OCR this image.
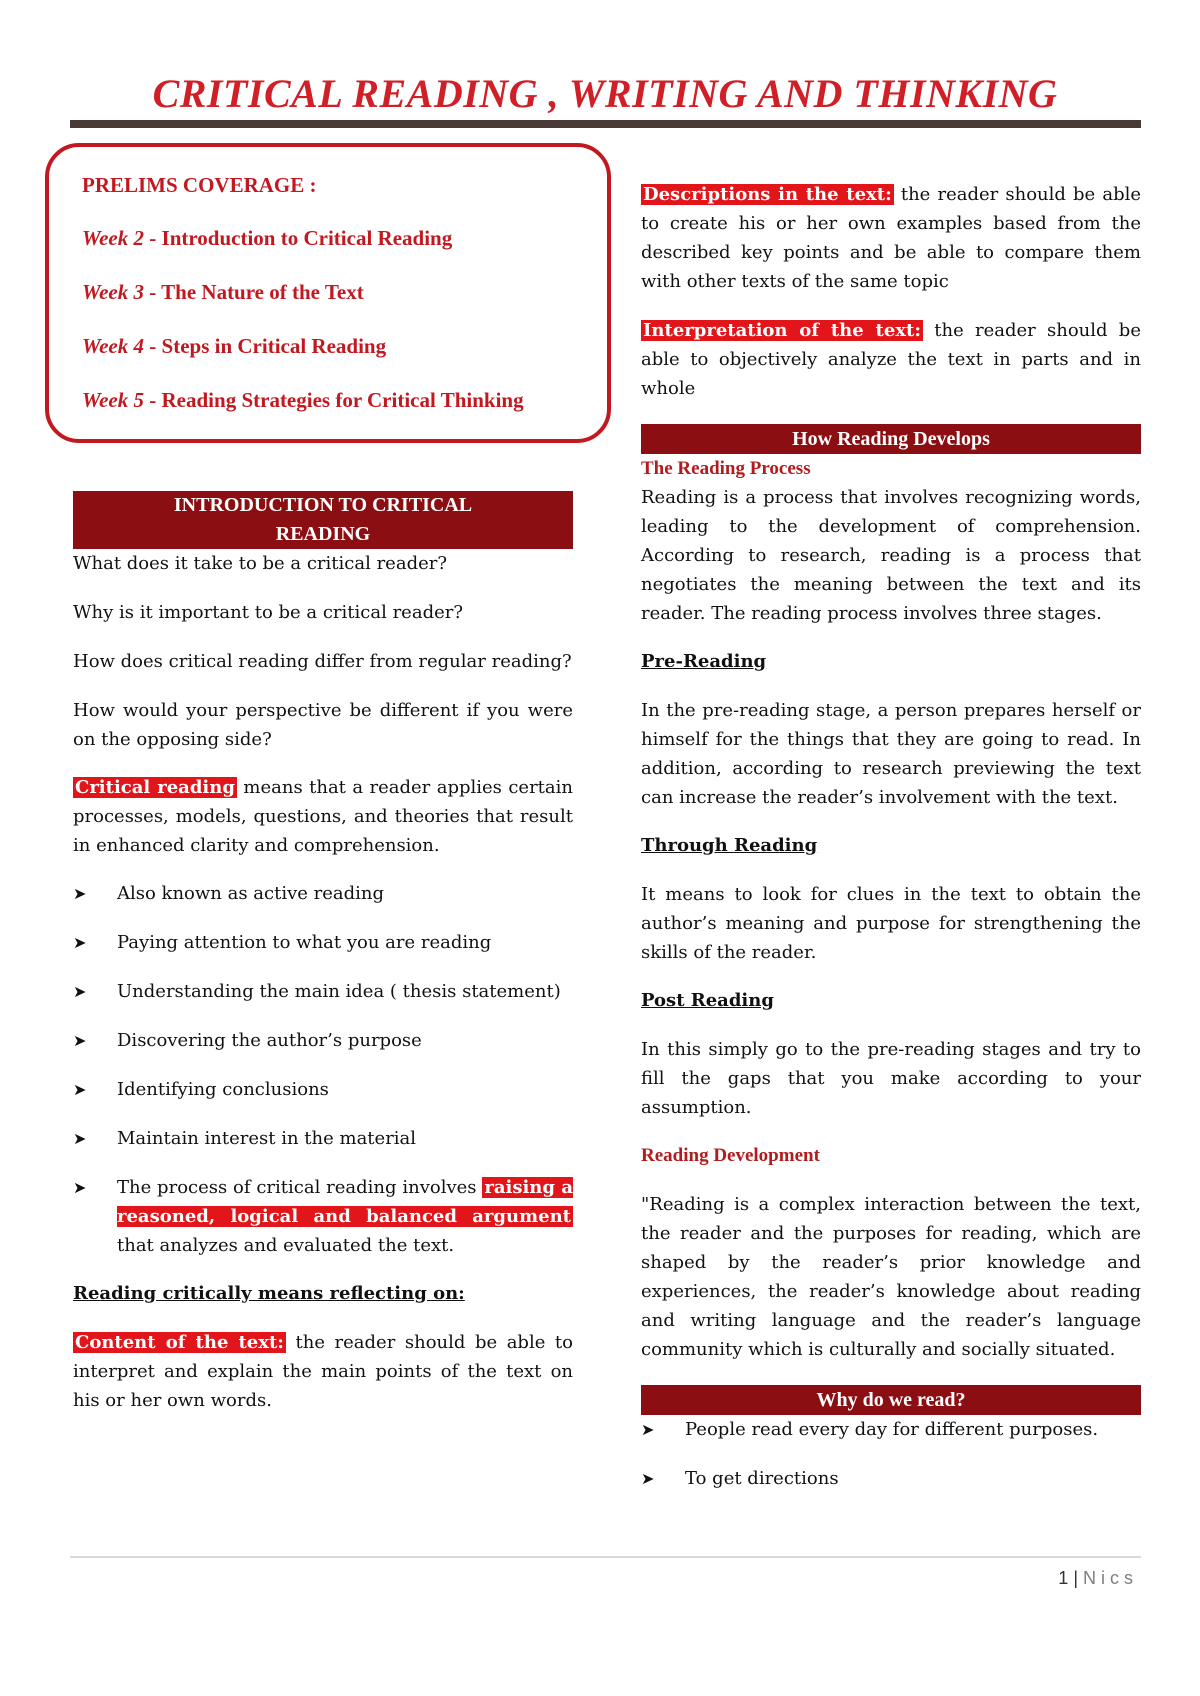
CRITICAL READING , WRITING AND THINKING
PRELIMS COVERAGE :
Week 2 - Introduction to Critical Reading
Week 3 - The Nature of the Text
Week 4 - Steps in Critical Reading
Week 5 - Reading Strategies for Critical Thinking
INTRODUCTION TO CRITICAL READING

What does it take to be a critical reader?

Why is it important to be a critical reader?

How does critical reading differ from regular reading?

How would your perspective be different if you were on the opposing side?

Critical reading means that a reader applies certain processes, models, questions, and theories that result in enhanced clarity and comprehension.

➤	Also known as active reading
➤	Paying attention to what you are reading
➤	Understanding the main idea ( thesis statement)
➤	Discovering the author’s purpose
➤	Identifying conclusions
➤	Maintain interest in the material
➤	The process of critical reading involves raising a reasoned, logical and balanced argument that analyzes and evaluated the text.
Reading critically means reflecting on:

Content of the text: the reader should be able to interpret and explain the main points of the text on his or her own words.

Descriptions in the text: the reader should be able to create his or her own examples based from the described key points and be able to compare them with other texts of the same topic

Interpretation of the text: the reader should be able to objectively analyze the text in parts and in whole

How Reading Develops
The Reading Process

Reading is a process that involves recognizing words, leading to the development of comprehension. According to research, reading is a process that negotiates the meaning between the text and its reader. The reading process involves three stages.

Pre-Reading

In the pre-reading stage, a person prepares herself or himself for the things that they are going to read. In addition, according to research previewing the text can increase the reader’s involvement with the text.

Through Reading

It means to look for clues in the text to obtain the author’s meaning and purpose for strengthening the skills of the reader.

Post Reading

In this simply go to the pre-reading stages and try to fill the gaps that you make according to your assumption.

Reading Development

"Reading is a complex interaction between the text, the reader and the purposes for reading, which are shaped by the reader’s prior knowledge and experiences, the reader’s knowledge about reading and writing language and the reader’s language community which is culturally and socially situated.

Why do we read?
➤	People read every day for different purposes.
➤	To get directions
1 | Nics
